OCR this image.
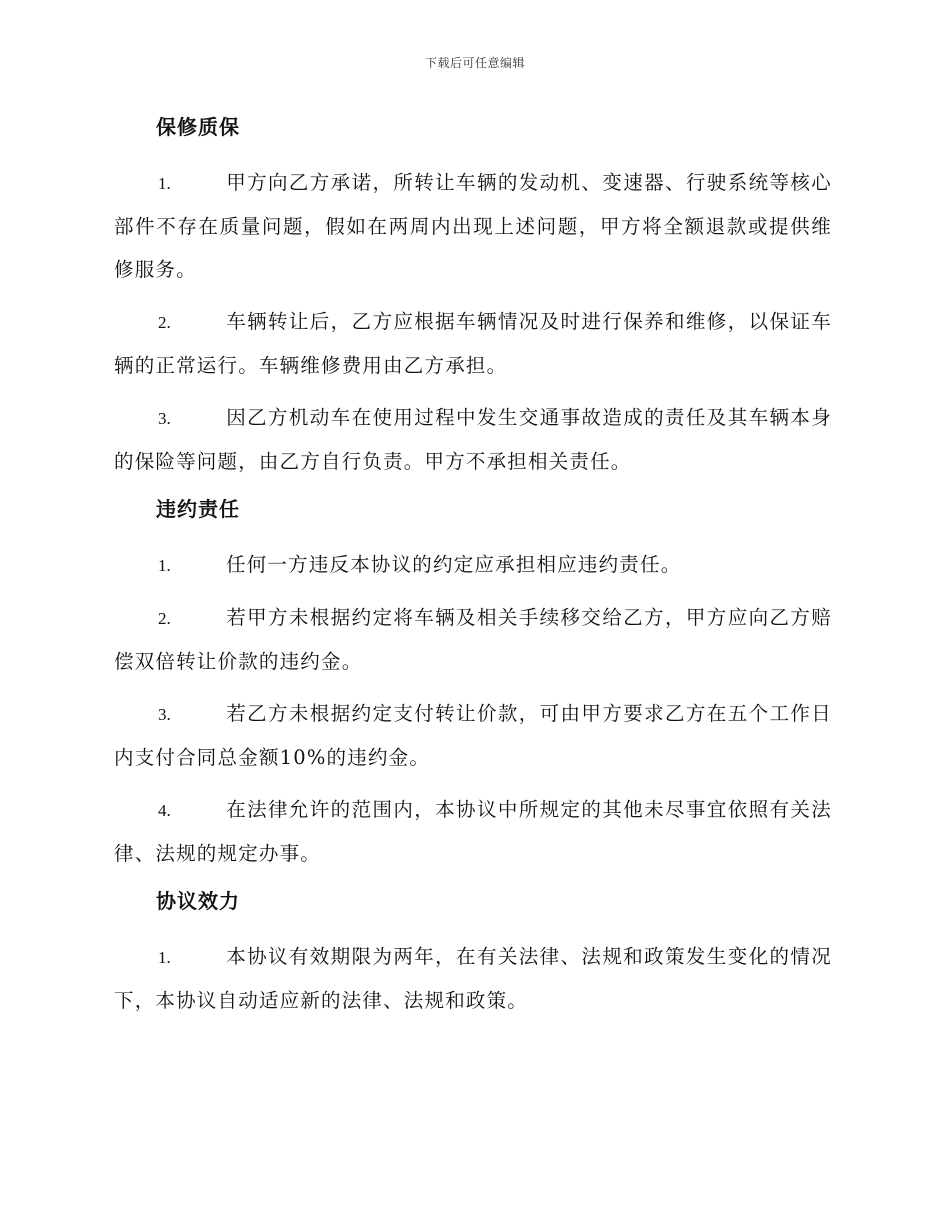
下载后可任意编辑
保修质保

1.	甲方向乙方承诺，所转让车辆的发动机、变速器、行驶系统等核心部件不存在质量问题，假如在两周内出现上述问题，甲方将全额退款或提供维修服务。

2.	车辆转让后，乙方应根据车辆情况及时进行保养和维修，以保证车辆的正常运行。车辆维修费用由乙方承担。

3.	因乙方机动车在使用过程中发生交通事故造成的责任及其车辆本身的保险等问题，由乙方自行负责。甲方不承担相关责任。

违约责任

1.	任何一方违反本协议的约定应承担相应违约责任。

2.	若甲方未根据约定将车辆及相关手续移交给乙方，甲方应向乙方赔偿双倍转让价款的违约金。

3.	若乙方未根据约定支付转让价款，可由甲方要求乙方在五个工作日内支付合同总金额10%的违约金。

4.	在法律允许的范围内，本协议中所规定的其他未尽事宜依照有关法律、法规的规定办事。

协议效力

1.	本协议有效期限为两年，在有关法律、法规和政策发生变化的情况下，本协议自动适应新的法律、法规和政策。
